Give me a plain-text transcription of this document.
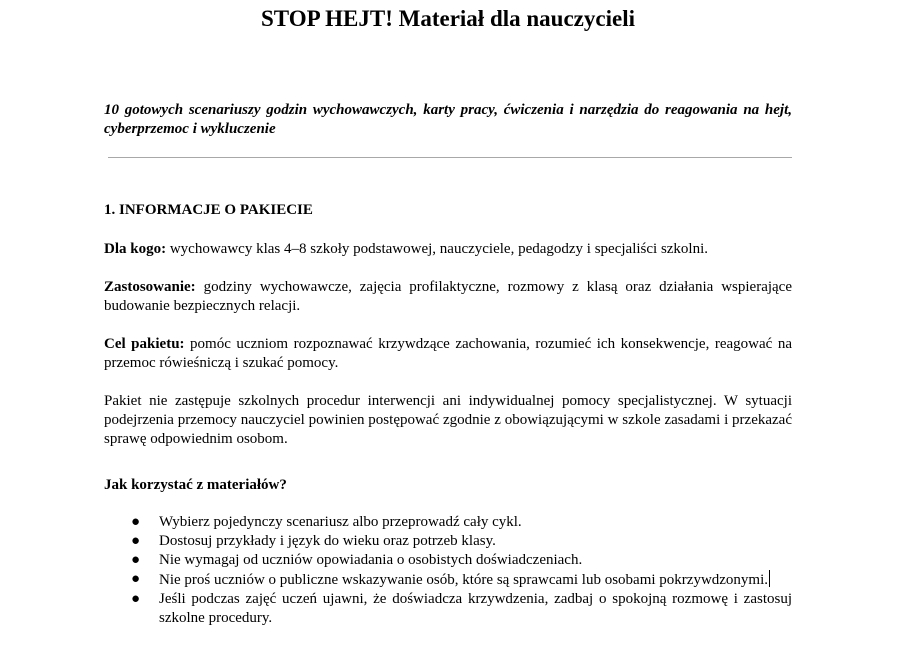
STOP HEJT! Materiał dla nauczycieli

10 gotowych scenariuszy godzin wychowawczych, karty pracy, ćwiczenia i narzędzia do reagowania na hejt, cyberprzemoc i wykluczenie

1. INFORMACJE O PAKIECIE

Dla kogo: wychowawcy klas 4–8 szkoły podstawowej, nauczyciele, pedagodzy i specjaliści szkolni.

Zastosowanie: godziny wychowawcze, zajęcia profilaktyczne, rozmowy z klasą oraz działania wspierające budowanie bezpiecznych relacji.

Cel pakietu: pomóc uczniom rozpoznawać krzywdzące zachowania, rozumieć ich konsekwencje, reagować na przemoc rówieśniczą i szukać pomocy.

Pakiet nie zastępuje szkolnych procedur interwencji ani indywidualnej pomocy specjalistycznej. W sytuacji podejrzenia przemocy nauczyciel powinien postępować zgodnie z obowiązującymi w szkole zasadami i przekazać sprawę odpowiednim osobom.

Jak korzystać z materiałów?
● Wybierz pojedynczy scenariusz albo przeprowadź cały cykl.
● Dostosuj przykłady i język do wieku oraz potrzeb klasy.
● Nie wymagaj od uczniów opowiadania o osobistych doświadczeniach.
● Nie proś uczniów o publiczne wskazywanie osób, które są sprawcami lub osobami pokrzywdzonymi.
● Jeśli podczas zajęć uczeń ujawni, że doświadcza krzywdzenia, zadbaj o spokojną rozmowę i zastosuj szkolne procedury.
